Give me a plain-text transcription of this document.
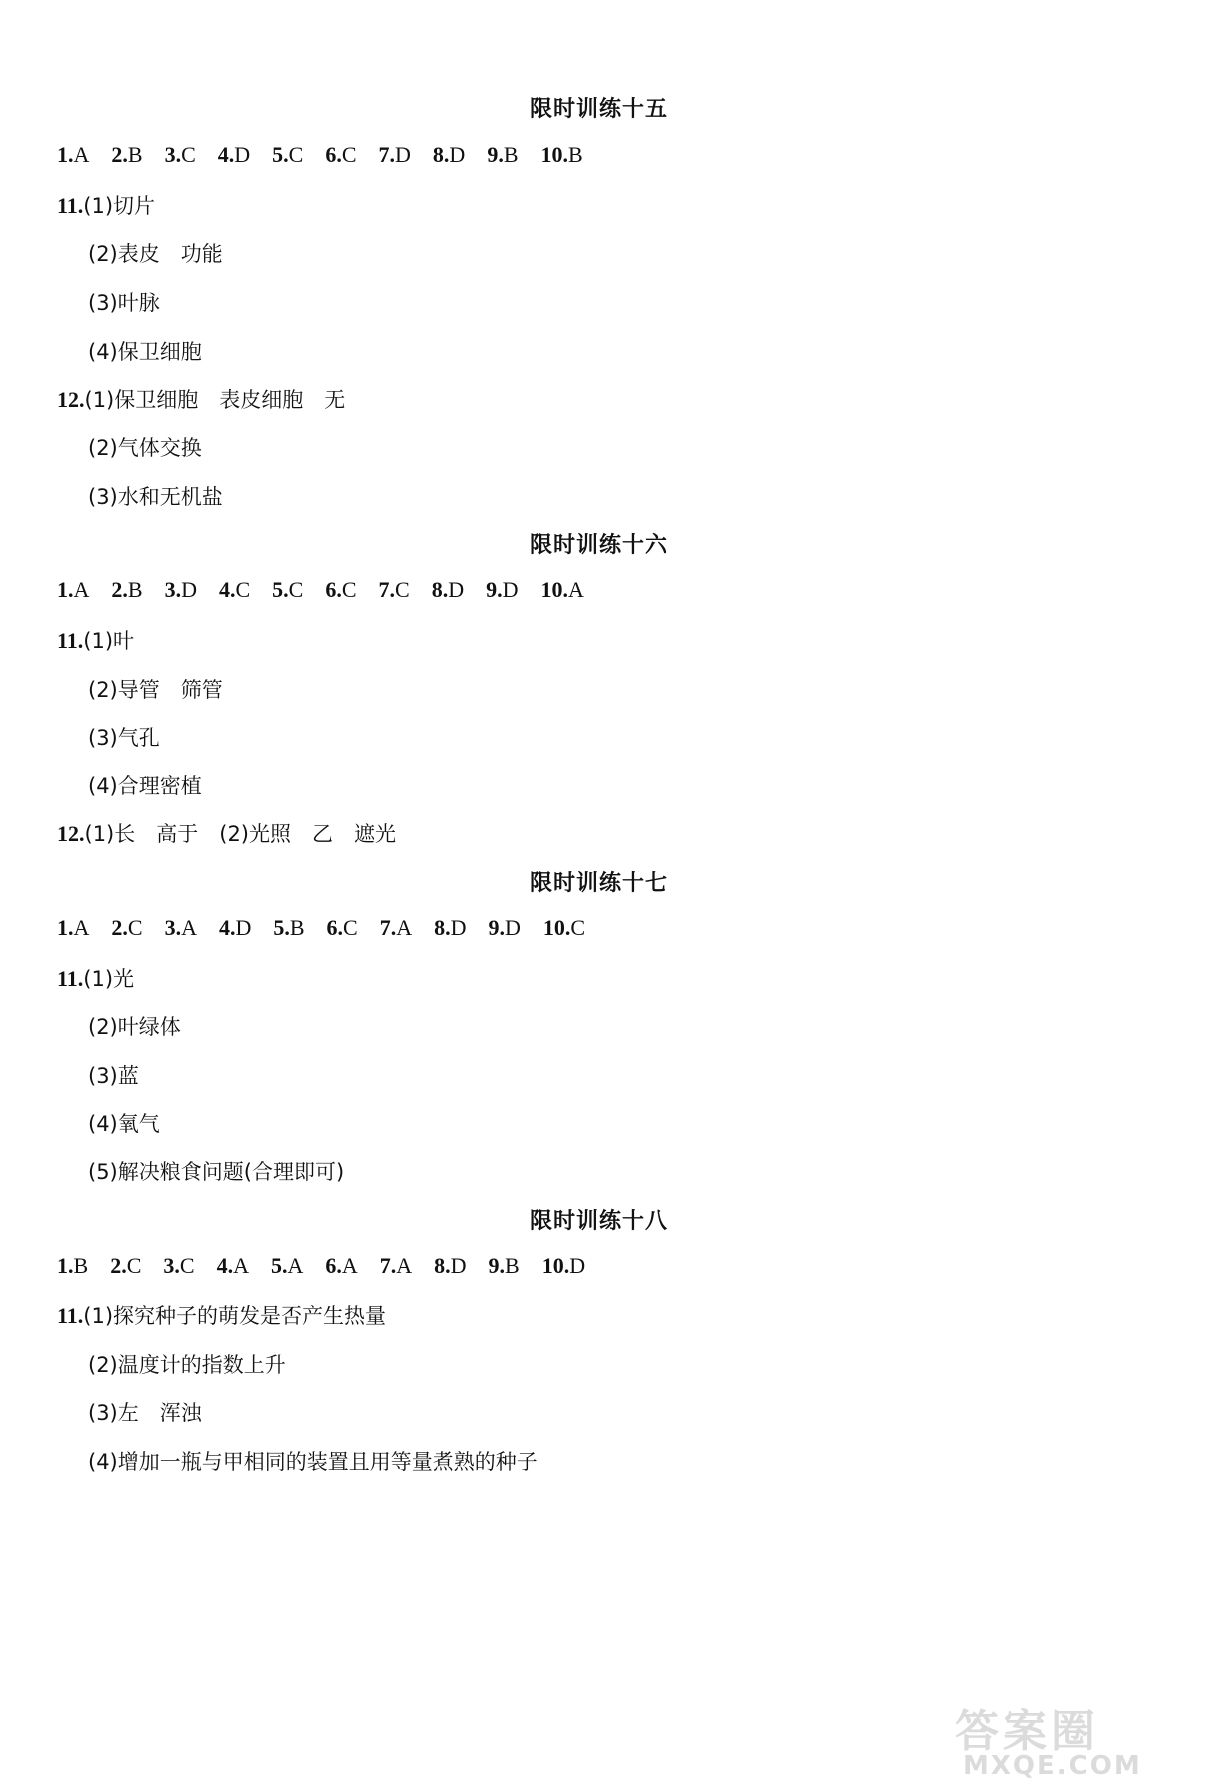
限时训练十五
1.A 2.B 3.C 4.D 5.C 6.C 7.D 8.D 9.B 10.B
11.(1)切片
(2)表皮　功能
(3)叶脉
(4)保卫细胞
12.(1)保卫细胞　表皮细胞　无
(2)气体交换
(3)水和无机盐
限时训练十六
1.A 2.B 3.D 4.C 5.C 6.C 7.C 8.D 9.D 10.A
11.(1)叶
(2)导管　筛管
(3)气孔
(4)合理密植
12.(1)长　高于　(2)光照　乙　遮光
限时训练十七
1.A 2.C 3.A 4.D 5.B 6.C 7.A 8.D 9.D 10.C
11.(1)光
(2)叶绿体
(3)蓝
(4)氧气
(5)解决粮食问题(合理即可)
限时训练十八
1.B 2.C 3.C 4.A 5.A 6.A 7.A 8.D 9.B 10.D
11.(1)探究种子的萌发是否产生热量
(2)温度计的指数上升
(3)左　浑浊
(4)增加一瓶与甲相同的装置且用等量煮熟的种子
答案圈
MXQE.COM
